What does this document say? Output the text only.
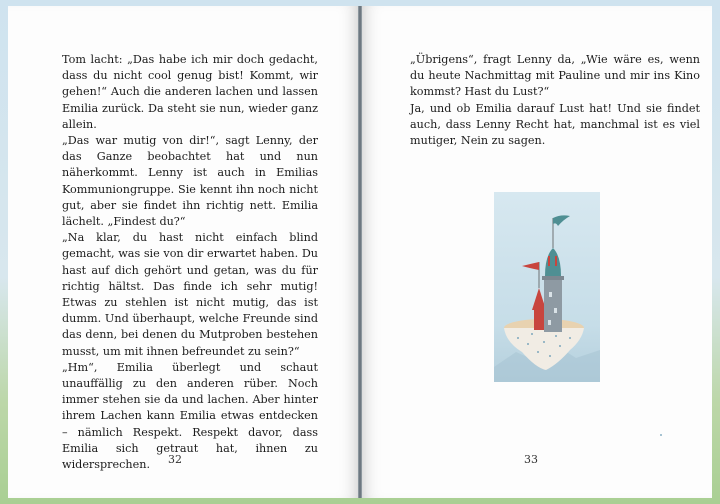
Tom lacht: „Das habe ich mir doch gedacht, dass du nicht cool genug bist! Kommt, wir gehen!“ Auch die anderen lachen und lassen Emilia zurück. Da steht sie nun, wieder ganz allein.

„Das war mutig von dir!“, sagt Lenny, der das Ganze beobachtet hat und nun näherkommt. Lenny ist auch in Emilias Kommuniongruppe. Sie kennt ihn noch nicht gut, aber sie findet ihn richtig nett. Emilia lächelt. „Findest du?“

„Na klar, du hast nicht einfach blind gemacht, was sie von dir erwartet haben. Du hast auf dich gehört und getan, was du für richtig hältst. Das finde ich sehr mutig! Etwas zu stehlen ist nicht mutig, das ist dumm. Und überhaupt, welche Freunde sind das denn, bei denen du Mutproben bestehen musst, um mit ihnen befreundet zu sein?“

„Hm“, Emilia überlegt und schaut unauffällig zu den anderen rüber. Noch immer stehen sie da und lachen. Aber hinter ihrem Lachen kann Emilia etwas entdecken – nämlich Respekt. Respekt davor, dass Emilia sich getraut hat, ihnen zu widersprechen.	32

„Übrigens“, fragt Lenny da, „Wie wäre es, wenn du heute Nachmittag mit Pauline und mir ins Kino kommst? Hast du Lust?“

Ja, und ob Emilia darauf Lust hat! Und sie findet auch, dass Lenny Recht hat, manchmal ist es viel mutiger, Nein zu sagen.

33
